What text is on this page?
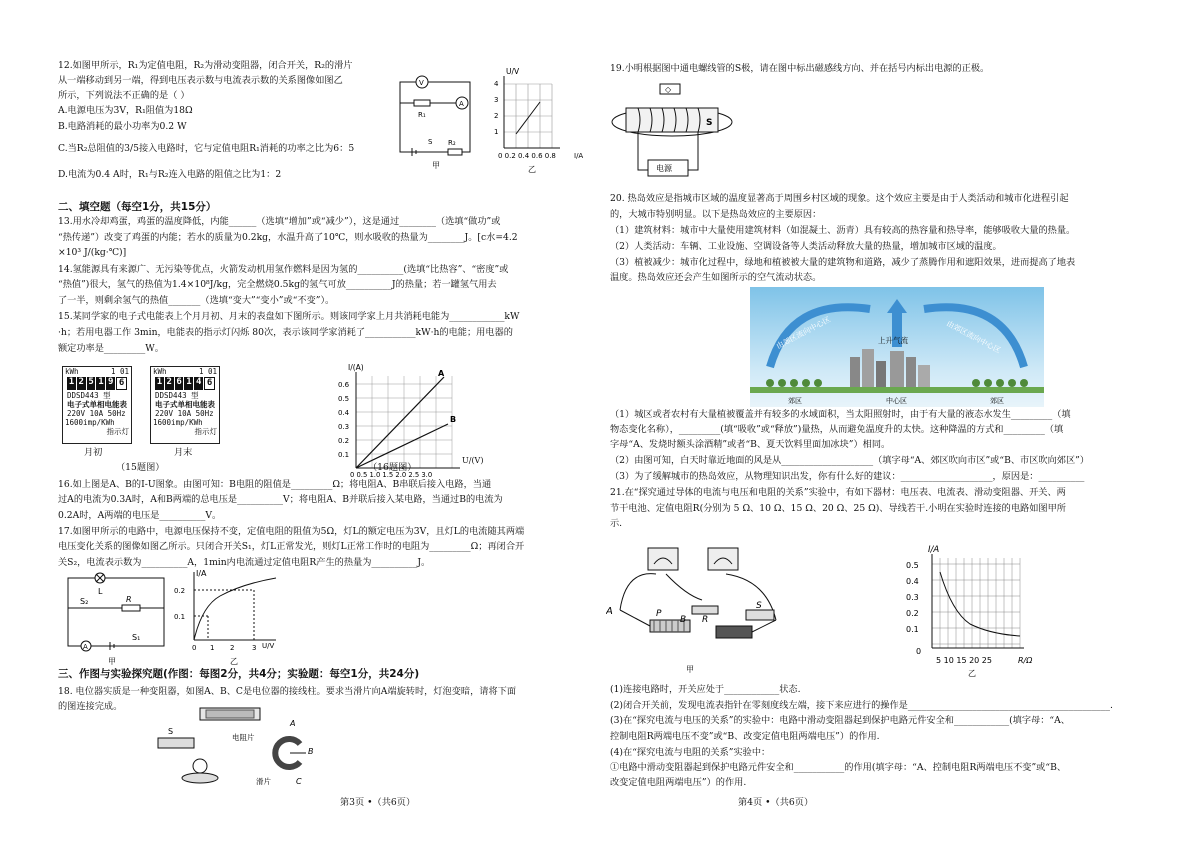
12.如图甲所示，R₁为定值电阻，R₂为滑动变阻器，闭合开关，R₂的滑片
从一端移动到另一端，得到电压表示数与电流表示数的关系图像如图乙
所示，下列说法不正确的是（ ）
A.电源电压为3V，R₁阻值为18Ω
B.电路消耗的最小功率为0.2 W
C.当R₂总阻值的3/5接入电路时，它与定值电阻R₁消耗的功率之比为6：5
D.电流为0.4 A时，R₁与R₂连入电路的阻值之比为1：2
V
A
R₁
S R₂
甲
U/V
4
3
2
1
0 0.2 0.4 0.6 0.8	I/A
乙
二、填空题（每空1分，共15分）
13.用水冷却鸡蛋，鸡蛋的温度降低，内能______（选填“增加”或“减少”），这是通过________（选填“做功”或
“热传递”）改变了鸡蛋的内能；若水的质量为0.2kg，水温升高了10℃，则水吸收的热量为________J。[c水=4.2
×10³ J/(kg·℃)]
14.氢能源具有来源广、无污染等优点，火箭发动机用氢作燃料是因为氢的__________(选填“比热容”、“密度”或
“热值”)很大，氢气的热值为1.4×10⁸J/kg，完全燃烧0.5kg的氢气可放__________J的热量；若一罐氢气用去
了一半，则剩余氢气的热值_______（选填“变大”“变小”或“不变”）。
15.某同学家的电子式电能表上个月月初、月末的表盘如下图所示。则该同学家上月共消耗电能为____________kW
·h；若用电器工作 3min，电能表的指示灯闪烁 80次，表示该同学家消耗了___________kW·h的电能；用电器的
额定功率是_________W。
kWh	1 01
1 2 5 1 9 6
DDSD443 型
电子式单相电能表
220V 10A 50Hz
1600imp/KWh
指示灯
kWh	1 01
1 2 6 1 4 6
DDSD443 型
电子式单相电能表
220V 10A 50Hz
1600imp/KWh
指示灯
月初	月末
（15题图）
I/(A)
A
B
0.6
0.5
0.4
0.3
0.2
0.1
0 0.5 1.0 1.5 2.0 2.5 3.0
U/(V)
（16题图）
16.如上图是A、B的I-U图象。由图可知：B电阻的阻值是_________Ω；将电阻A、B串联后接入电路，当通
过A的电流为0.3A时，A和B两端的总电压是__________V；将电阻A、B并联后接入某电路，当通过B的电流为
0.2A时，A两端的电压是__________V。
17.如图甲所示的电路中，电源电压保持不变，定值电阻的阻值为5Ω，灯L的额定电压为3V，且灯L的电流随其两端
电压变化关系的图像如图乙所示。只闭合开关S₁，灯L正常发光，则灯L正常工作时的电阻为_________Ω；再闭合开
关S₂，电流表示数为__________A，1min内电流通过定值电阻R产生的热量为__________J。
L
S₂	R
A
S₁
甲
I/A
0.2
0.1
0 1 2	3 U/V
乙
三、作图与实验探究题(作图：每图2分，共4分；实验题：每空1分，共24分)
18. 电位器实质是一种变阻器，如图A、B、C是电位器的接线柱。要求当滑片向A端旋转时，灯泡变暗，请将下面
的图连接完成。
S
电阻片
A
B
C
滑片
第3页 •（共6页）
19.小明根据图中通电螺线管的S极，请在图中标出磁感线方向、并在括号内标出电源的正极。
◇
S
电源
20. 热岛效应是指城市区域的温度显著高于周围乡村区域的现象。这个效应主要是由于人类活动和城市化进程引起
的，大城市特别明显。以下是热岛效应的主要原因：
（1）建筑材料：城市中大量使用建筑材料（如混凝土、沥青）具有较高的热容量和热导率，能够吸收大量的热量。
（2）人类活动：车辆、工业设施、空调设备等人类活动释放大量的热量，增加城市区域的温度。
（3）植被减少：城市化过程中，绿地和植被被大量的建筑物和道路，减少了蒸腾作用和遮阳效果，进而提高了地表
温度。热岛效应还会产生如图所示的空气流动状态。
由郊区流向中心区	由郊区流向中心区
上升气流
郊区	中心区	郊区
（1）城区或者农村有大量植被覆盖并有较多的水域面积，当太阳照射时，由于有大量的液态水发生_________（填
物态变化名称），_________(填“吸收”或“释放”)量热，从而避免温度升的太快。这种降温的方式和_________（填
字母“A、发烧时额头涂酒精”或者“B、夏天饮料里面加冰块”）相同。
（2）由图可知，白天时靠近地面的风是从____________________（填字母“A、郊区吹向市区”或“B、市区吹向郊区”）
（3）为了缓解城市的热岛效应，从物理知识出发，你有什么好的建议：____________________，原因是：__________
21.在“探究通过导体的电流与电压和电阻的关系”实验中，有如下器材：电压表、电流表、滑动变阻器、开关、两
节干电池、定值电阻R(分别为 5 Ω、10 Ω、15 Ω、20 Ω、25 Ω)、导线若干.小明在实验时连接的电路如图甲所
示.
A	P
B R
S
甲
I/A
0.5
0.4
0.3
0.2
0.1
0
5 10 15 20 25	R/Ω
乙
(1)连接电路时，开关应处于____________状态.
(2)闭合开关前，发现电流表指针在零刻度线左端，接下来应进行的操作是____________________________________________.
(3)在“探究电流与电压的关系”的实验中：电路中滑动变阻器起到保护电路元件安全和____________(填字母：“A、
控制电阻R两端电压不变”或“B、改变定值电阻两端电压”）的作用.
(4)在“探究电流与电阻的关系”实验中：
①电路中滑动变阻器起到保护电路元件安全和___________的作用(填字母：“A、控制电阻R两端电压不变”或“B、
改变定值电阻两端电压”）的作用.
第4页 •（共6页）
